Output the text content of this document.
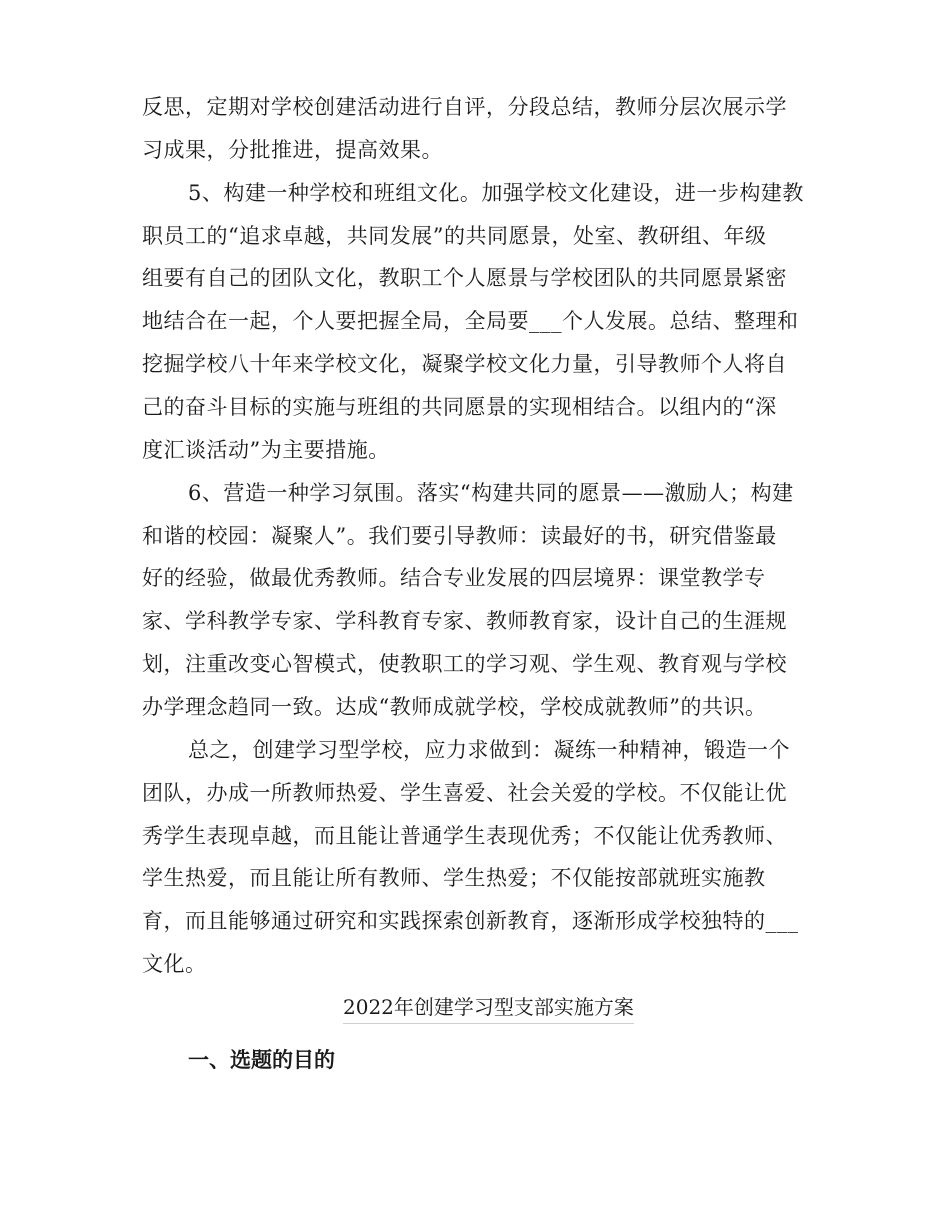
反思，定期对学校创建活动进行自评，分段总结，教师分层次展示学
习成果，分批推进，提高效果。
5、构建一种学校和班组文化。加强学校文化建设，进一步构建教
职员工的“追求卓越，共同发展”的共同愿景，处室、教研组、年级
组要有自己的团队文化，教职工个人愿景与学校团队的共同愿景紧密
地结合在一起，个人要把握全局，全局要___个人发展。总结、整理和
挖掘学校八十年来学校文化，凝聚学校文化力量，引导教师个人将自
己的奋斗目标的实施与班组的共同愿景的实现相结合。以组内的“深
度汇谈活动”为主要措施。
6、营造一种学习氛围。落实“构建共同的愿景——激励人；构建
和谐的校园：凝聚人”。我们要引导教师：读最好的书，研究借鉴最
好的经验，做最优秀教师。结合专业发展的四层境界：课堂教学专
家、学科教学专家、学科教育专家、教师教育家，设计自己的生涯规
划，注重改变心智模式，使教职工的学习观、学生观、教育观与学校
办学理念趋同一致。达成“教师成就学校，学校成就教师”的共识。
总之，创建学习型学校，应力求做到：凝练一种精神，锻造一个
团队，办成一所教师热爱、学生喜爱、社会关爱的学校。不仅能让优
秀学生表现卓越，而且能让普通学生表现优秀；不仅能让优秀教师、
学生热爱，而且能让所有教师、学生热爱；不仅能按部就班实施教
育，而且能够通过研究和实践探索创新教育，逐渐形成学校独特的___
文化。
2022年创建学习型支部实施方案
一、选题的目的
